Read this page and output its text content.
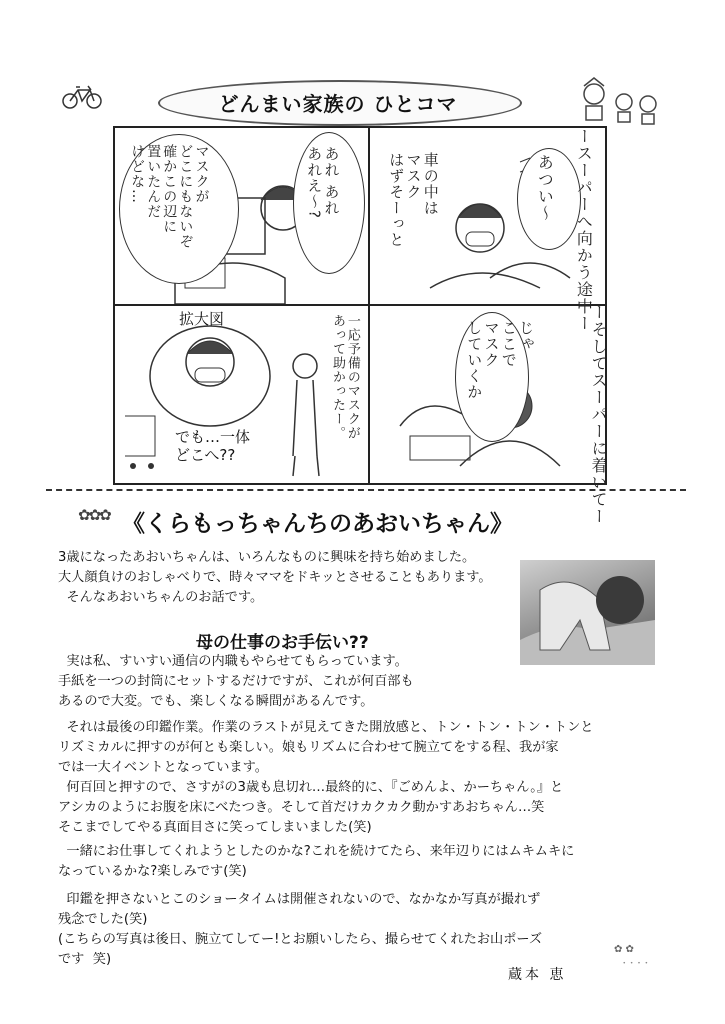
どんまい家族の ひとコマ
あつい〜
車の中は
マスク
はずそーっと
あれ あれ
あれえ〜?
マスクが
どこにもないぞ
確かこの辺に
置いたんだ
けどな…
じゃ
ここで
マスク
していくか
拡大図	一応予備のマスクが
あって助かったー。
でも…一体
どこへ??
ースーパーへ向かう途中ー
ーそしてスーパーに着いてー
✿✿✿ 《くらもっちゃんちのあおいちゃん》
3歳になったあおいちゃんは、いろんなものに興味を持ち始めました。
大人顔負けのおしゃべりで、時々ママをドキッとさせることもあります。
そんなあおいちゃんのお話です。
母の仕事のお手伝い??
実は私、すいすい通信の内職もやらせてもらっています。
手紙を一つの封筒にセットするだけですが、これが何百部も
あるので大変。でも、楽しくなる瞬間があるんです。
それは最後の印鑑作業。作業のラストが見えてきた開放感と、トン・トン・トン・トンと
リズミカルに押すのが何とも楽しい。娘もリズムに合わせて腕立てをする程、我が家
では一大イベントとなっています。
何百回と押すので、さすがの3歳も息切れ…最終的に、『ごめんよ、かーちゃん。』と
アシカのようにお腹を床にべたつき。そして首だけカクカク動かすあおちゃん…笑
そこまでしてやる真面目さに笑ってしまいました(笑)
一緒にお仕事してくれようとしたのかな?これを続けてたら、来年辺りにはムキムキに
なっているかな?楽しみです(笑)
印鑑を押さないとこのショータイムは開催されないので、なかなか写真が撮れず
残念でした(笑)
(こちらの写真は後日、腕立てしてー!とお願いしたら、撮らせてくれたお山ポーズ
です  笑)
蔵本 恵
✿ ✿
･ ･ ･ ･
